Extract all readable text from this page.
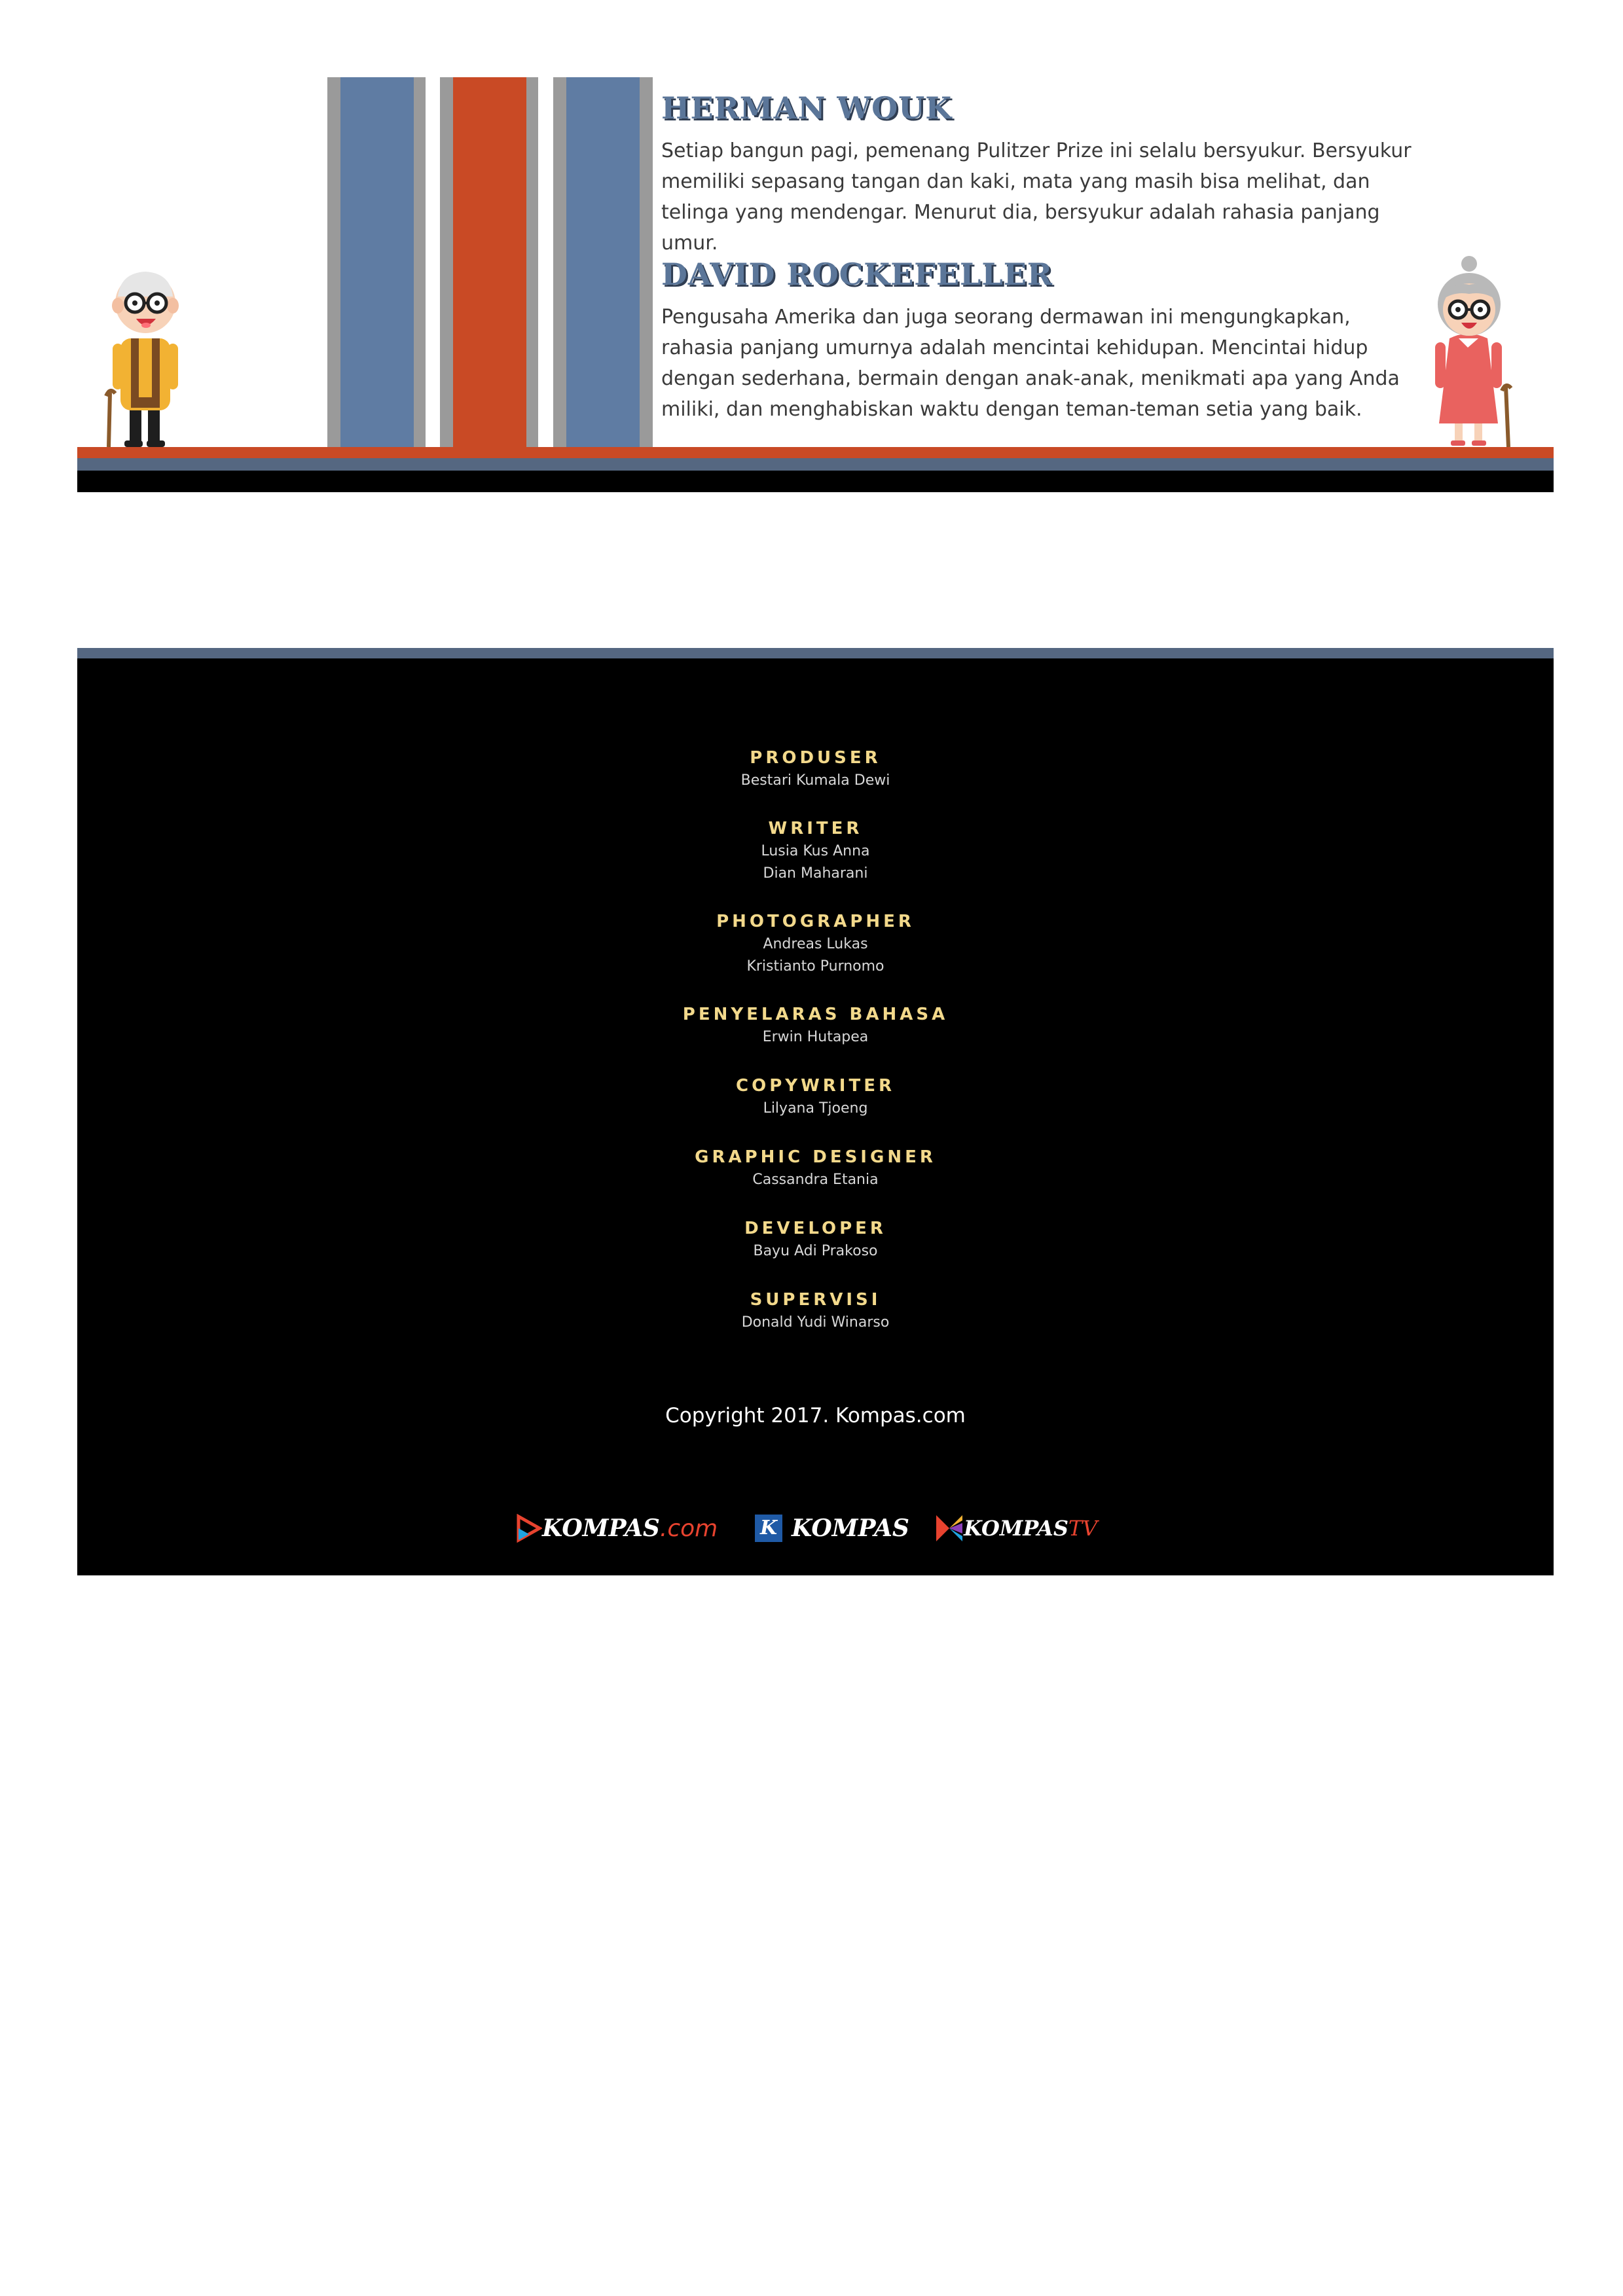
HERMAN WOUK

Setiap bangun pagi, pemenang Pulitzer Prize ini selalu bersyukur. Bersyukur memiliki sepasang tangan dan kaki, mata yang masih bisa melihat, dan telinga yang mendengar. Menurut dia, bersyukur adalah rahasia panjang umur.

DAVID ROCKEFELLER

Pengusaha Amerika dan juga seorang dermawan ini mengungkapkan, rahasia panjang umurnya adalah mencintai kehidupan. Mencintai hidup dengan sederhana, bermain dengan anak-anak, menikmati apa yang Anda miliki, dan menghabiskan waktu dengan teman-teman setia yang baik.

PRODUSER
Bestari Kumala Dewi
WRITER
Lusia Kus Anna
Dian Maharani
PHOTOGRAPHER
Andreas Lukas
Kristianto Purnomo
PENYELARAS BAHASA
Erwin Hutapea
COPYWRITER
Lilyana Tjoeng
GRAPHIC DESIGNER
Cassandra Etania
DEVELOPER
Bayu Adi Prakoso
SUPERVISI
Donald Yudi Winarso
Copyright 2017. Kompas.com
KOMPAS .com K KOMPAS	KOMPAS TV
